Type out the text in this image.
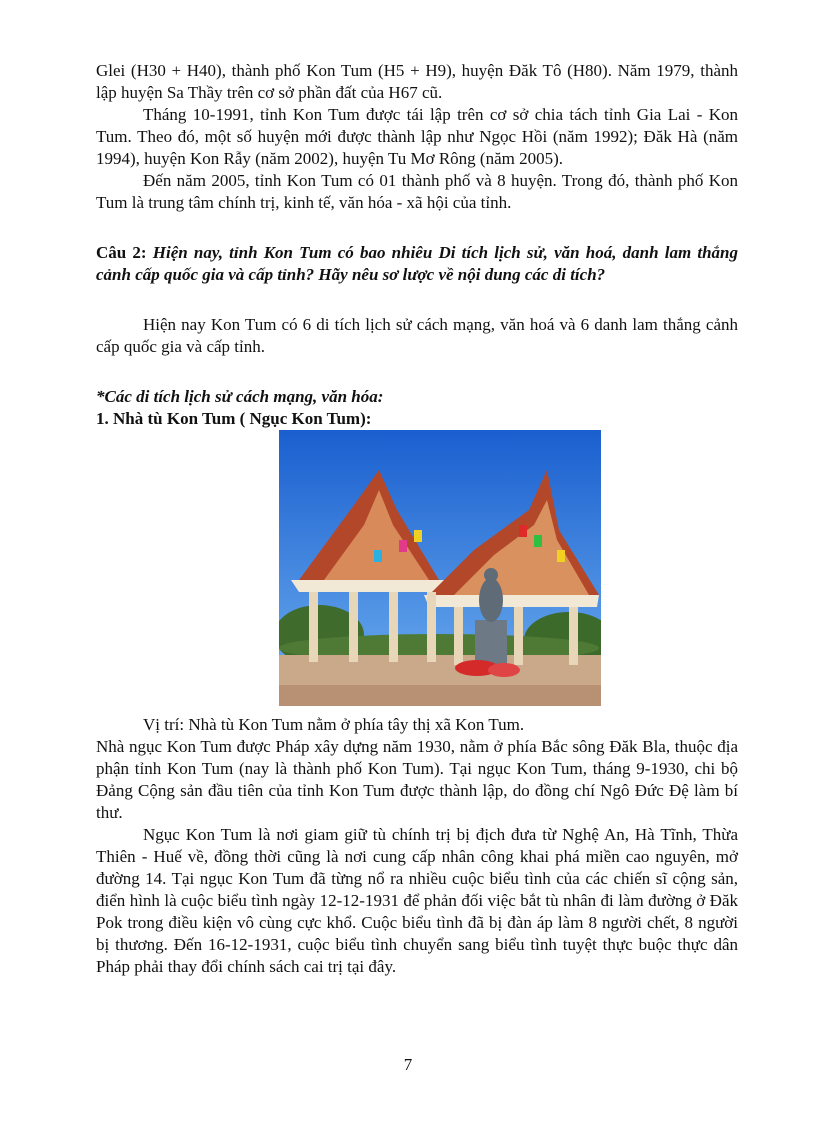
Glei (H30 + H40), thành phố Kon Tum (H5 + H9), huyện Đăk Tô (H80). Năm 1979, thành lập huyện Sa Thầy trên cơ sở phần đất của H67 cũ.

Tháng 10-1991, tỉnh Kon Tum được tái lập trên cơ sở chia tách tỉnh Gia Lai - Kon Tum. Theo đó, một số huyện mới được thành lập như Ngọc Hồi (năm 1992); Đăk Hà (năm 1994), huyện Kon Rẫy (năm 2002), huyện Tu Mơ Rông (năm 2005).

Đến năm 2005, tỉnh Kon Tum có 01 thành phố và 8 huyện. Trong đó, thành phố Kon Tum là trung tâm chính trị, kinh tế, văn hóa - xã hội của tỉnh.

Câu 2: Hiện nay, tỉnh Kon Tum có bao nhiêu Di tích lịch sử, văn hoá, danh lam thắng cảnh cấp quốc gia và cấp tỉnh? Hãy nêu sơ lược về nội dung các di tích?

Hiện nay Kon Tum có 6 di tích lịch sử cách mạng, văn hoá và 6 danh lam thắng cảnh cấp quốc gia và cấp tỉnh.

*Các di tích lịch sử cách mạng, văn hóa:

1. Nhà tù Kon Tum ( Ngục Kon Tum):

Vị trí: Nhà tù Kon Tum nằm ở phía tây thị xã Kon Tum.

Nhà ngục Kon Tum được Pháp xây dựng năm 1930, nằm ở phía Bắc sông Đăk Bla, thuộc địa phận tỉnh Kon Tum (nay là thành phố Kon Tum). Tại ngục Kon Tum, tháng 9-1930, chi bộ Đảng Cộng sản đầu tiên của tỉnh Kon Tum được thành lập, do đồng chí Ngô Đức Đệ làm bí thư.

Ngục Kon Tum là nơi giam giữ tù chính trị bị địch đưa từ Nghệ An, Hà Tĩnh, Thừa Thiên - Huế về, đồng thời cũng là nơi cung cấp nhân công khai phá miền cao nguyên, mở đường 14. Tại ngục Kon Tum đã từng nổ ra nhiều cuộc biểu tình của các chiến sĩ cộng sản, điển hình là cuộc biểu tình ngày 12-12-1931 để phản đối việc bắt tù nhân đi làm đường ở Đăk Pok trong điều kiện vô cùng cực khổ. Cuộc biểu tình đã bị đàn áp làm 8 người chết, 8 người bị thương. Đến 16-12-1931, cuộc biểu tình chuyển sang biểu tình tuyệt thực buộc thực dân Pháp phải thay đổi chính sách cai trị tại đây.

7
